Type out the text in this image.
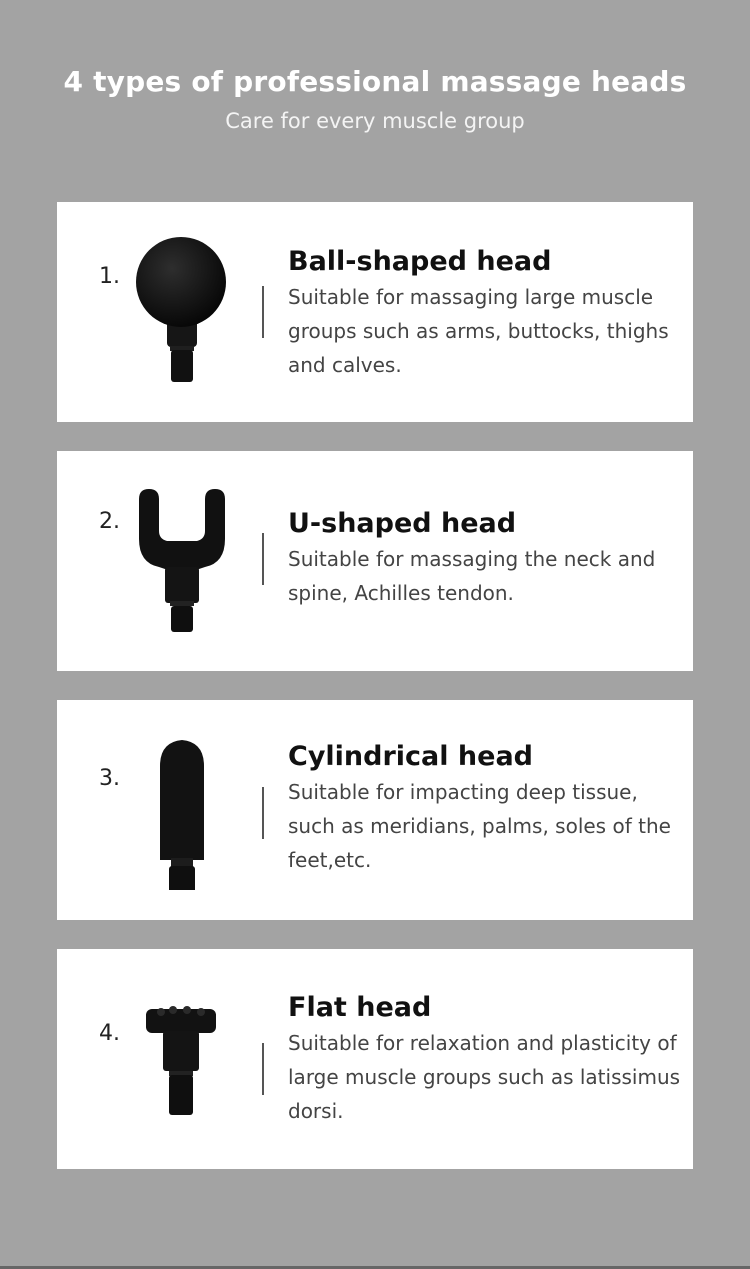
4 types of professional massage heads
Care for every muscle group
1.	Ball-shaped head
Suitable for massaging large muscle groups such as arms, buttocks, thighs and calves.
2.	U-shaped head
Suitable for massaging the neck and spine, Achilles tendon.
3.
Cylindrical head
Suitable for impacting deep tissue, such as meridians, palms, soles of the feet,etc.
4.
Flat head
Suitable for relaxation and plasticity of large muscle groups such as latissimus dorsi.
